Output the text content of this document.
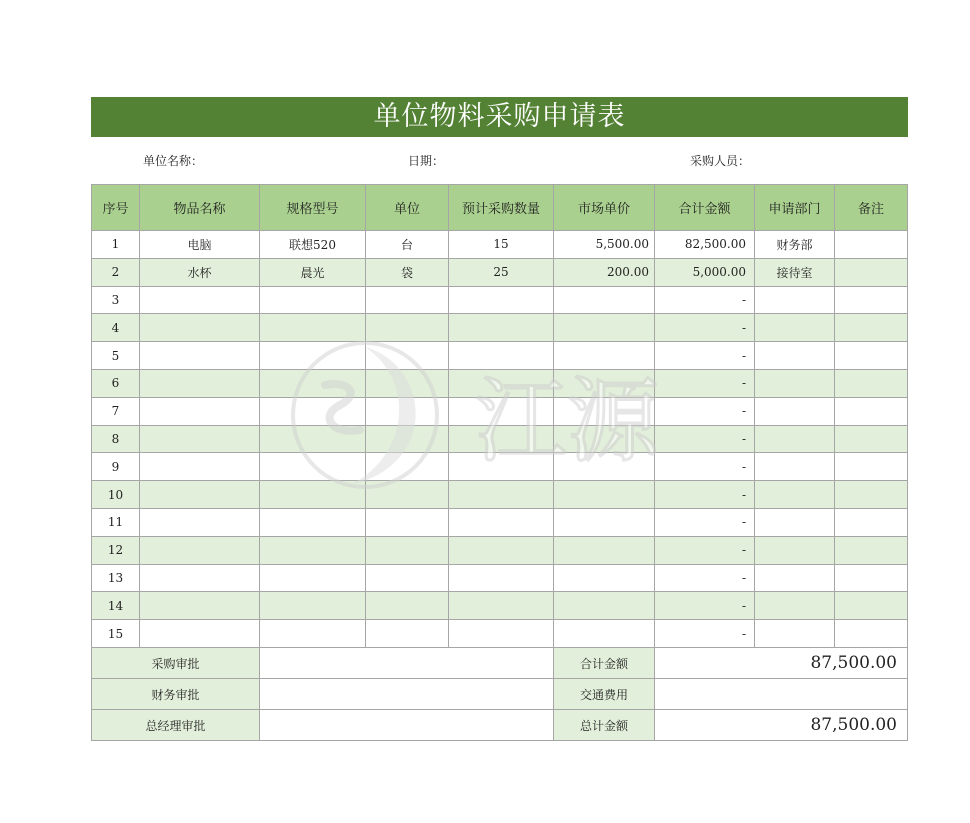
单位物料采购申请表
单位名称：	日期：	采购人员：
序号	物品名称	规格型号	单位	预计采购数量	市场单价	合计金额	申请部门	备注
1	电脑	联想520	台	15	5,500.00	82,500.00	财务部	
2	水杯	晨光	袋	25	200.00	5,000.00	接待室	
3						-		
4						-		
5						-		
6						-		
7						-		
8						-		
9						-		
10						-		
11						-		
12						-		
13						-		
14						-		
15						-		
采购审批		合计金额	87,500.00
财务审批		交通费用	
总经理审批		总计金额	87,500.00
江源
